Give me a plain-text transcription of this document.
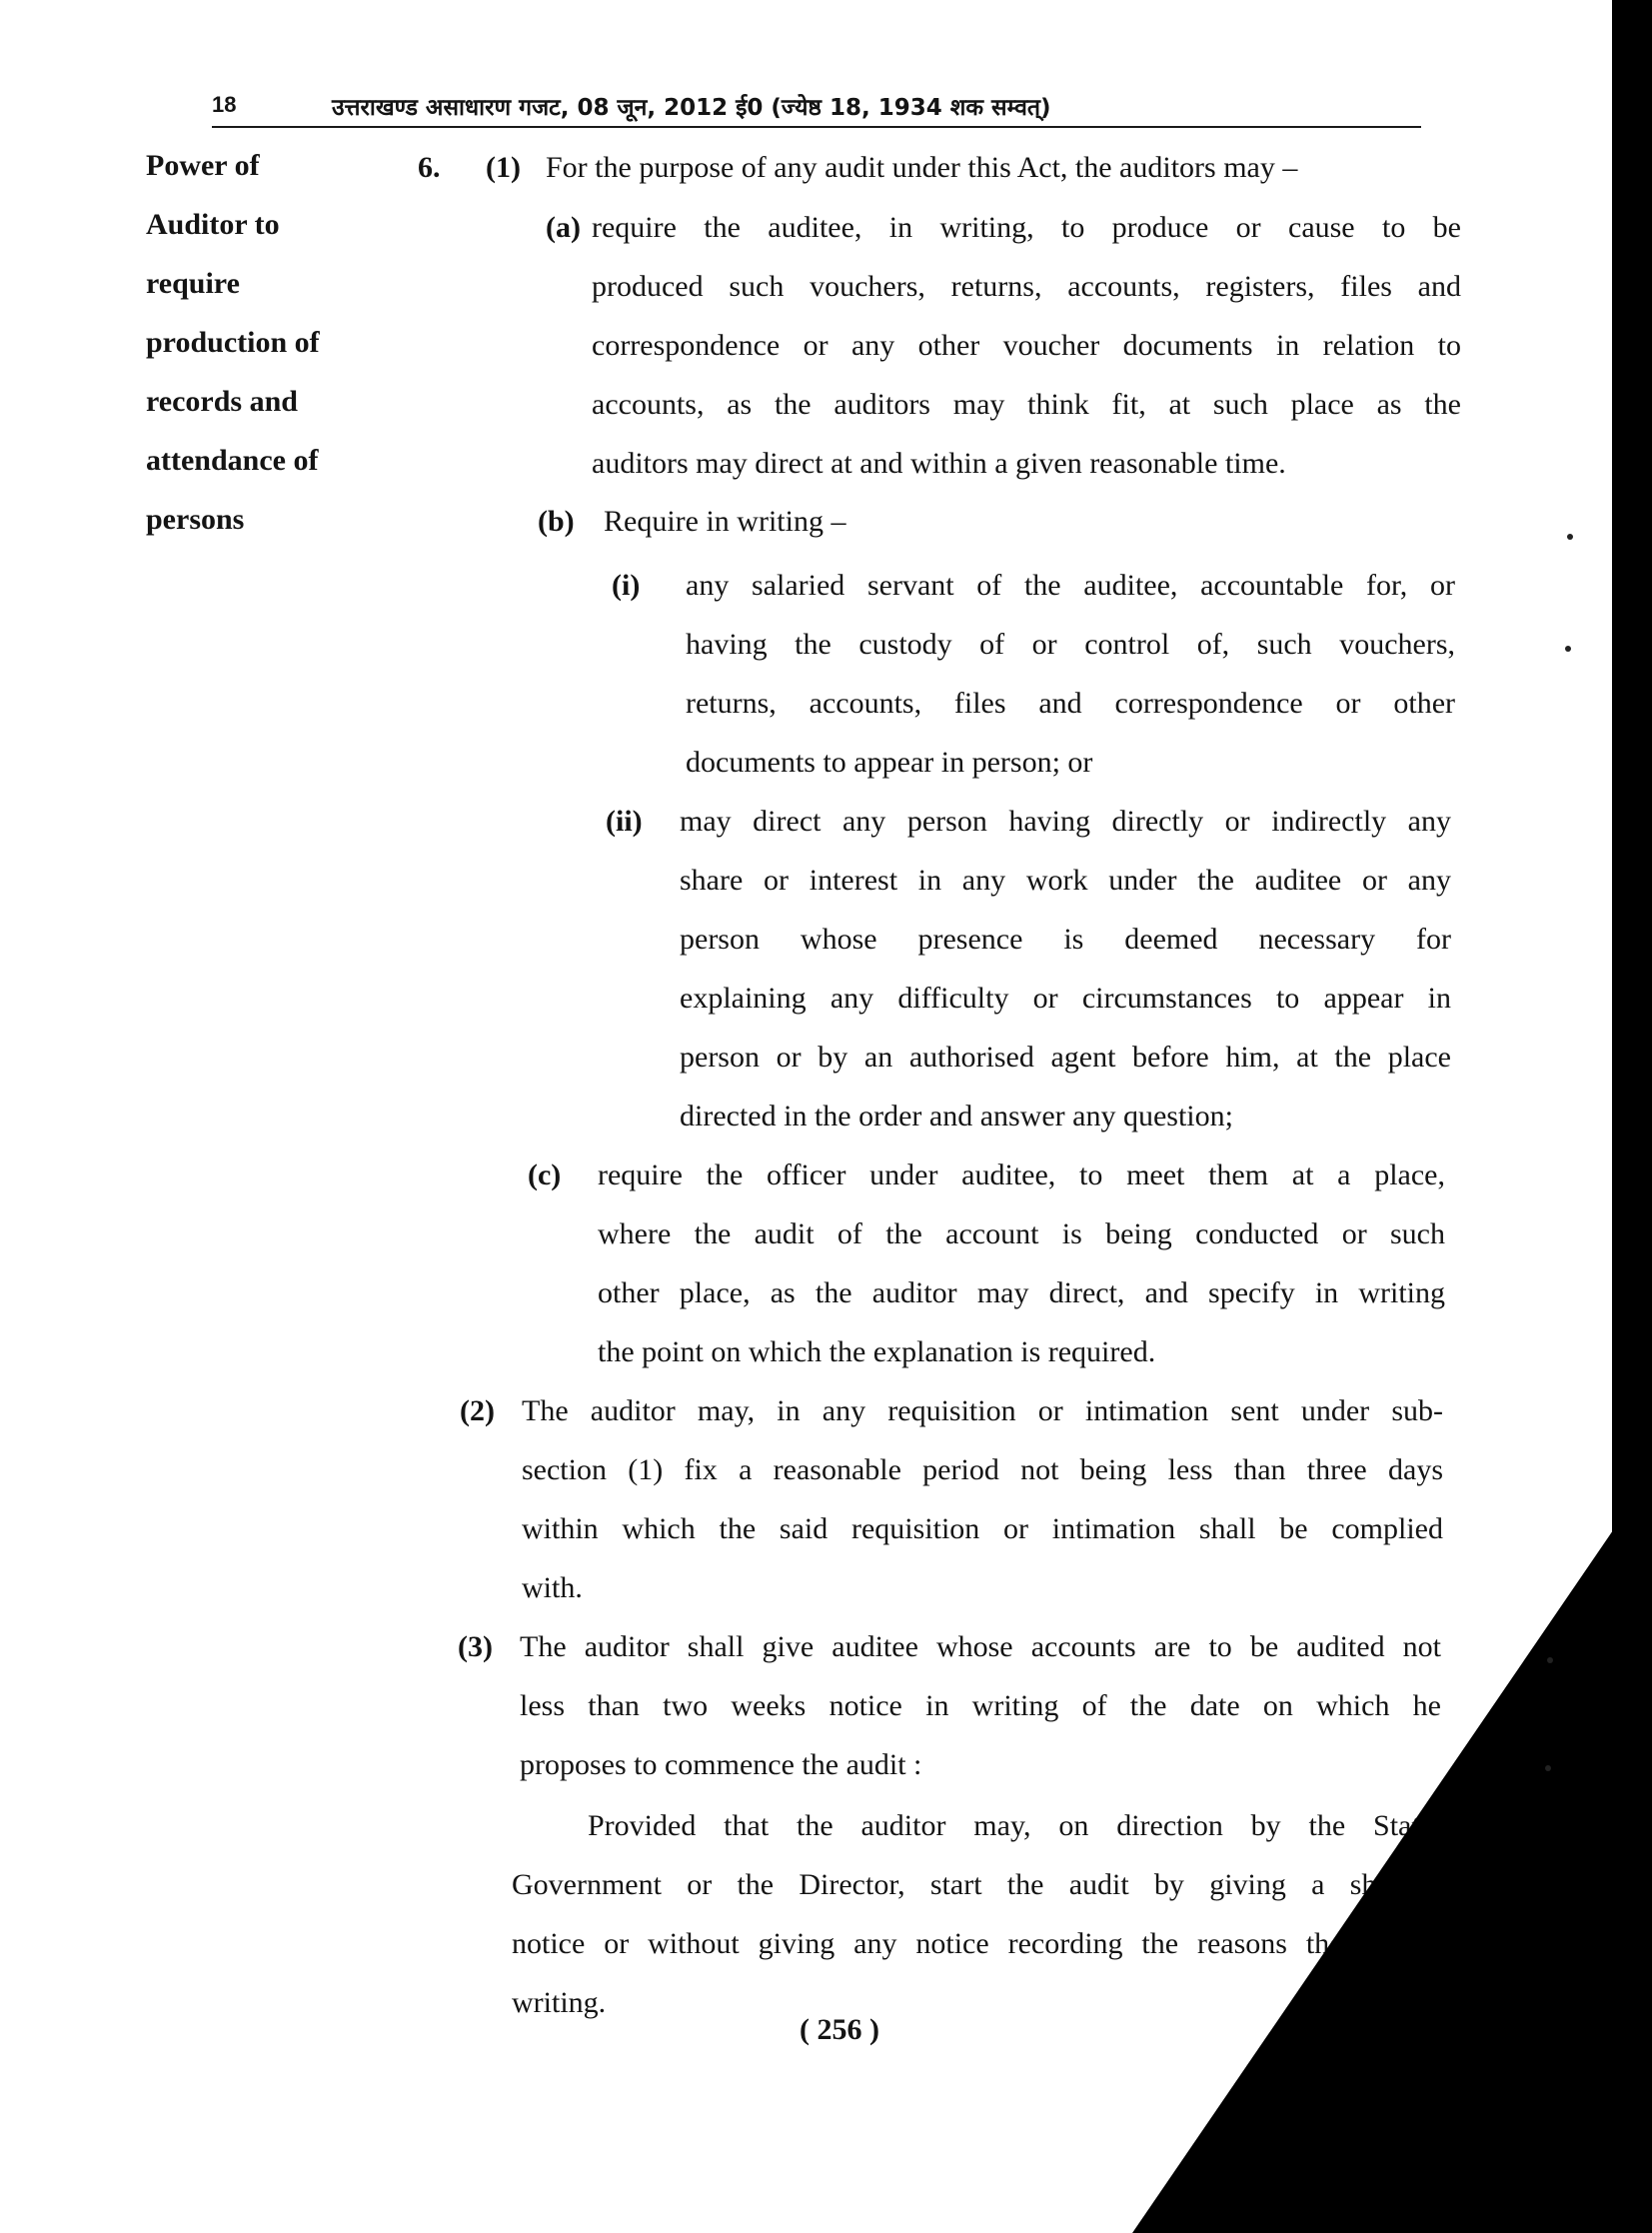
18	उत्तराखण्ड असाधारण गजट, 08 जून, 2012 ई0 (ज्येष्ठ 18, 1934 शक सम्वत्)
Power of
Auditor to
require
production of
records and
attendance of
persons
6. (1) For the purpose of any audit under this Act, the auditors may –
(a) require the auditee, in writing, to produce or cause to be
produced such vouchers, returns, accounts, registers, files and
correspondence or any other voucher documents in relation to
accounts, as the auditors may think fit, at such place as the
auditors may direct at and within a given reasonable time.
(b) Require in writing –
(i) any salaried servant of the auditee, accountable for, or
having the custody of or control of, such vouchers,
returns, accounts, files and correspondence or other
documents to appear in person; or
(ii) may direct any person having directly or indirectly any
share or interest in any work under the auditee or any
person whose presence is deemed necessary for
explaining any difficulty or circumstances to appear in
person or by an authorised agent before him, at the place
directed in the order and answer any question;
(c) require the officer under auditee, to meet them at a place,
where the audit of the account is being conducted or such
other place, as the auditor may direct, and specify in writing
the point on which the explanation is required.
(2) The auditor may, in any requisition or intimation sent under sub-
section (1) fix a reasonable period not being less than three days
within which the said requisition or intimation shall be complied
with.
(3) The auditor shall give auditee whose accounts are to be audited not
less than two weeks notice in writing of the date on which he
proposes to commence the audit :
Provided that the auditor may, on direction by the State
Government or the Director, start the audit by giving a shorter
notice or without giving any notice recording the reasons thereof in
writing.
( 256 )
